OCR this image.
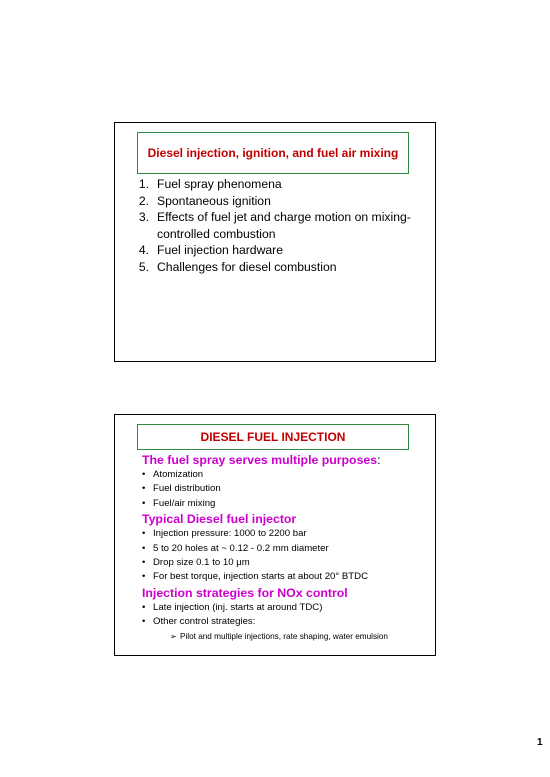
Diesel injection, ignition, and fuel air mixing
1. Fuel spray phenomena
2. Spontaneous ignition
3. Effects of fuel jet and charge motion on mixing-controlled combustion
4. Fuel injection hardware
5. Challenges for diesel combustion
DIESEL FUEL INJECTION
The fuel spray serves multiple purposes:
• Atomization
• Fuel distribution
• Fuel/air mixing
Typical Diesel fuel injector
• Injection pressure: 1000 to 2200 bar
• 5 to 20 holes at ~ 0.12 - 0.2 mm diameter
• Drop size 0.1 to 10 μm
• For best torque, injection starts at about 20° BTDC
Injection strategies for NOx control
• Late injection (inj. starts at around TDC)
• Other control strategies:
➢ Pilot and multiple injections, rate shaping, water emulsion
1
